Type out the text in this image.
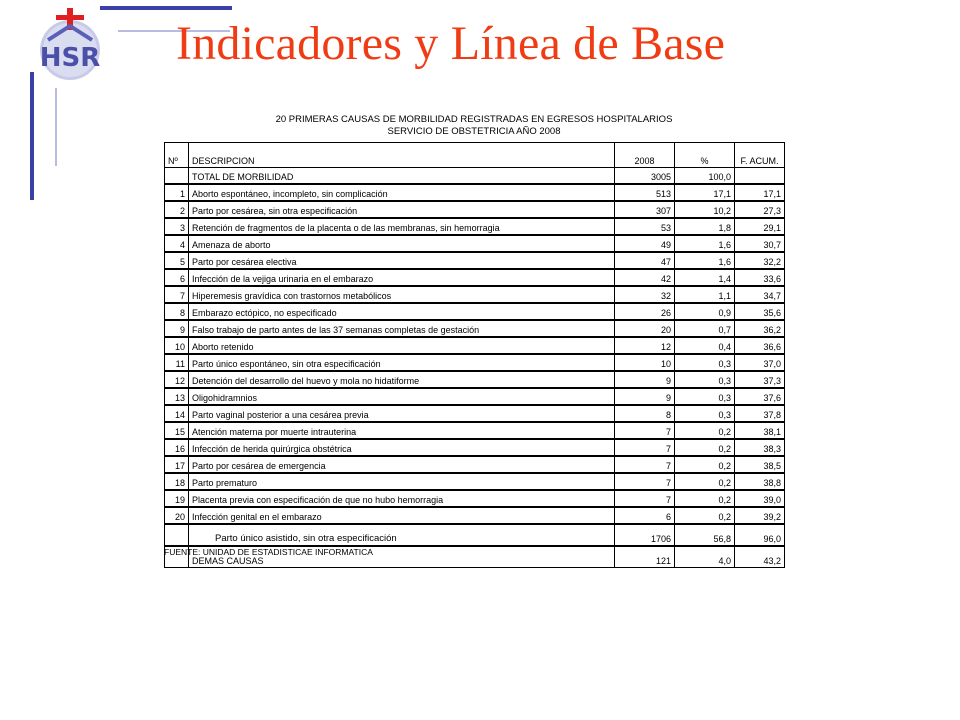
HSR Indicadores y Línea de Base
20 PRIMERAS CAUSAS DE MORBILIDAD REGISTRADAS EN EGRESOS HOSPITALARIOS
SERVICIO DE OBSTETRICIA AÑO 2008
Nº	DESCRIPCION	2008	%	F. ACUM.
	TOTAL DE MORBILIDAD	3005	100,0	
1	Aborto espontáneo, incompleto, sin complicación	513	17,1	17,1
2	Parto por cesárea, sin otra especificación	307	10,2	27,3
3	Retención de fragmentos de la placenta o de las membranas, sin hemorragia	53	1,8	29,1
4	Amenaza de aborto	49	1,6	30,7
5	Parto por cesárea electiva	47	1,6	32,2
6	Infección de la vejiga urinaria en el embarazo	42	1,4	33,6
7	Hiperemesis gravídica con trastornos metabólicos	32	1,1	34,7
8	Embarazo ectópico, no especificado	26	0,9	35,6
9	Falso trabajo de parto antes de las 37 semanas completas de gestación	20	0,7	36,2
10	Aborto retenido	12	0,4	36,6
11	Parto único espontáneo, sin otra especificación	10	0,3	37,0
12	Detención del desarrollo del huevo y mola no hidatiforme	9	0,3	37,3
13	Oligohidramnios	9	0,3	37,6
14	Parto vaginal posterior a una cesárea previa	8	0,3	37,8
15	Atención materna por muerte intrauterina	7	0,2	38,1
16	Infección de herida quirúrgica obstétrica	7	0,2	38,3
17	Parto por cesárea de emergencia	7	0,2	38,5
18	Parto prematuro	7	0,2	38,8
19	Placenta previa con especificación de que no hubo hemorragia	7	0,2	39,0
20	Infección genital en el embarazo	6	0,2	39,2
	Parto único asistido, sin otra especificación	1706	56,8	96,0
	DEMAS CAUSAS	121	4,0	43,2
FUENTE: UNIDAD DE ESTADISTICAE INFORMATICA
